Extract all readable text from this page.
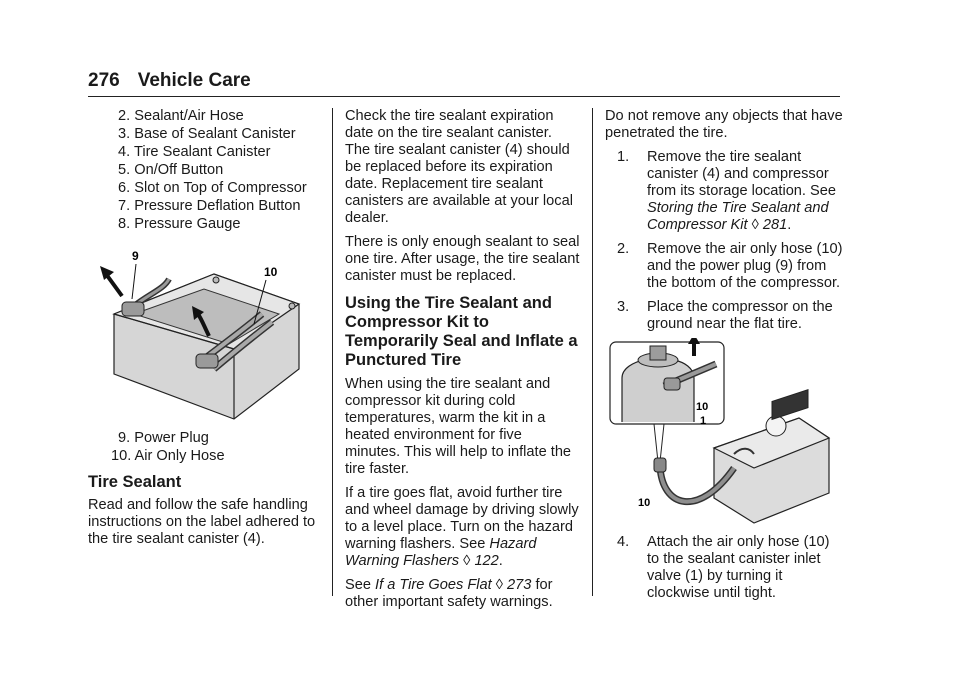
276 Vehicle Care
2. Sealant/Air Hose
3. Base of Sealant Canister
4. Tire Sealant Canister
5. On/Off Button
6. Slot on Top of Compressor
7. Pressure Deflation Button
8. Pressure Gauge
9
10
9. Power Plug
10. Air Only Hose
Tire Sealant

Read and follow the safe handling instructions on the label adhered to the tire sealant canister (4).

Check the tire sealant expiration date on the tire sealant canister. The tire sealant canister (4) should be replaced before its expiration date. Replacement tire sealant canisters are available at your local dealer.

There is only enough sealant to seal one tire. After usage, the tire sealant canister must be replaced.

Using the Tire Sealant and Compressor Kit to Temporarily Seal and Inflate a Punctured Tire

When using the tire sealant and compressor kit during cold temperatures, warm the kit in a heated environment for five minutes. This will help to inflate the tire faster.

If a tire goes flat, avoid further tire and wheel damage by driving slowly to a level place. Turn on the hazard warning flashers. See Hazard Warning Flashers ◊ 122.

See If a Tire Goes Flat ◊ 273 for other important safety warnings.

Do not remove any objects that have penetrated the tire.

1. Remove the tire sealant canister (4) and compressor from its storage location. See Storing the Tire Sealant and Compressor Kit ◊ 281.
2. Remove the air only hose (10) and the power plug (9) from the bottom of the compressor.
3. Place the compressor on the ground near the flat tire.
10
1
10
4. Attach the air only hose (10) to the sealant canister inlet valve (1) by turning it clockwise until tight.
